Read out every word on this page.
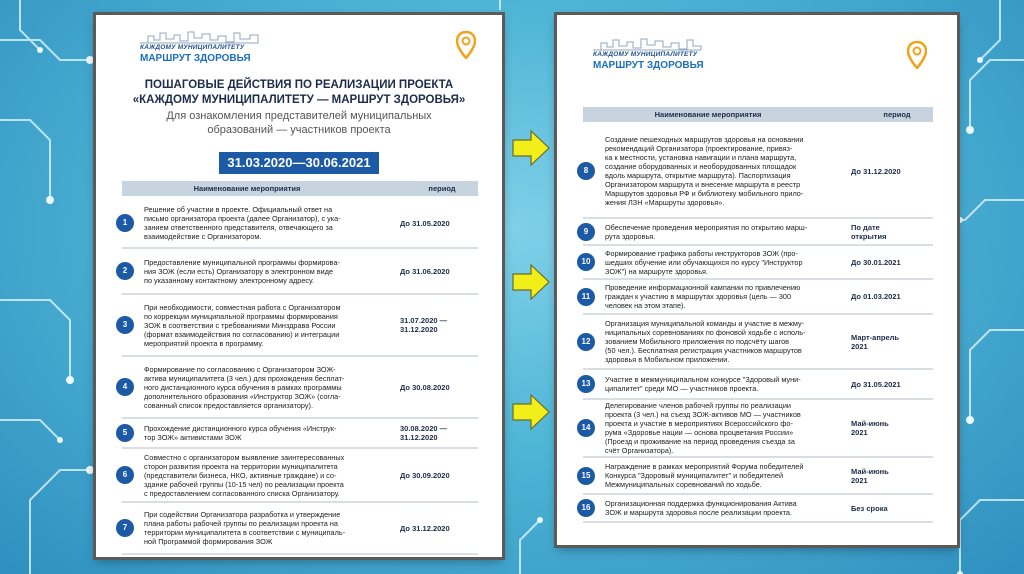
КАЖДОМУ МУНИЦИПАЛИТЕТУ
МАРШРУТ ЗДОРОВЬЯ
ПОШАГОВЫЕ ДЕЙСТВИЯ ПО РЕАЛИЗАЦИИ ПРОЕКТА
«КАЖДОМУ МУНИЦИПАЛИТЕТУ — МАРШРУТ ЗДОРОВЬЯ»
Для ознакомления представителей муниципальных
образований — участников проекта
31.03.2020—30.06.2021
Наименование мероприятия	период
1
Решение об участии в проекте. Официальный ответ на
письмо организатора проекта (далее Организатор), с ука-
занием ответственного представителя, отвечающего за
взаимодействие с Организатором.
До 31.05.2020
2
Предоставление муниципальной программы формирова-
ния ЗОЖ (если есть) Организатору в электронном виде
по указанному контактному электронному адресу.
До 31.06.2020
3
При необходимости, совместная работа с Организатором
по коррекции муниципальной программы формирования
ЗОЖ в соответствии с требованиями Минздрава России
(формат взаимодействия по согласованию) и интеграции
мероприятий проекта в программу.
31.07.2020 —
31.12.2020
4
Формирование по согласованию с Организатором ЗОЖ-
актива муниципалитета (3 чел.) для прохождения бесплат-
ного дистанционного курса обучения в рамках программы
дополнительного образования «Инструктор ЗОЖ» (согла-
сованный список предоставляется организатору).
До 30.08.2020
5	Прохождение дистанционного курса обучения «Инструк-
тор ЗОЖ» активистами ЗОЖ
30.08.2020 —
31.12.2020
6
Совместно с организатором выявление заинтересованных
сторон развития проекта на территории муниципалитета
(представители бизнеса, НКО, активные граждане) и со-
здание рабочей группы (10-15 чел) по реализации проекта
с предоставлением согласованного списка Организатору.
До 30.09.2020
7
При содействии Организатора разработка и утверждение
плана работы рабочей группы по реализации проекта на
территории муниципалитета в соответствии с муниципаль-
ной Программой формирования ЗОЖ
До 31.12.2020
КАЖДОМУ МУНИЦИПАЛИТЕТУ
МАРШРУТ ЗДОРОВЬЯ
Наименование мероприятия	период
8
Создание пешеходных маршрутов здоровья на основании
рекомендаций Организатора (проектирование, привяз-
ка к местности, установка навигации и плана маршрута,
создание оборудованных и необорудованных площадок
вдоль маршрута, открытие маршрута). Паспортизация
Организатором маршрута и внесение маршрута в реестр
Маршрутов здоровья РФ и библиотеку мобильного прило-
жения ЛЗН «Маршруты здоровья».
До 31.12.2020
9	Обеспечение проведения мероприятия по открытию марш-
рута здоровья.
По дате
открытия
10
Формирование графика работы инструкторов ЗОЖ (про-
шедших обучение или обучающихся по курсу "Инструктор
ЗОЖ") на маршруте здоровья.
До 30.01.2021
11
Проведение информационной кампании по привлечению
граждан к участию в маршрутах здоровья (цель — 300
человек на этом этапе).
До 01.03.2021
12
Организация муниципальной команды и участие в межму-
ниципальных соревнованиях по фоновой ходьбе с исполь-
зованием Мобильного приложения по подсчёту шагов
(50 чел.). Бесплатная регистрация участников маршрутов
здоровья в Мобильном приложении.
Март-апрель
2021
13	Участие в межмуниципальном конкурсе "Здоровый муни-
ципалитет" среди МО — участников проекта.	До 31.05.2021
14
Делегирование членов рабочей группы по реализации
проекта (3 чел.) на съезд ЗОЖ-активов МО — участников
проекта и участие в мероприятиях Всероссийского фо-
рума «Здоровье нации — основа процветания России»
(Проезд и проживание на период проведения съезда за
счёт Организатора).
Май-июнь
2021
15
Награждение в рамках мероприятий Форума победителей
Конкурса "Здоровый муниципалитет" и победителей
Межмуниципальных соревнований по ходьбе.
Май-июнь
2021
16	Организационная поддержка функционирования Актива
ЗОЖ и маршрута здоровья после реализации проекта.	Без срока
